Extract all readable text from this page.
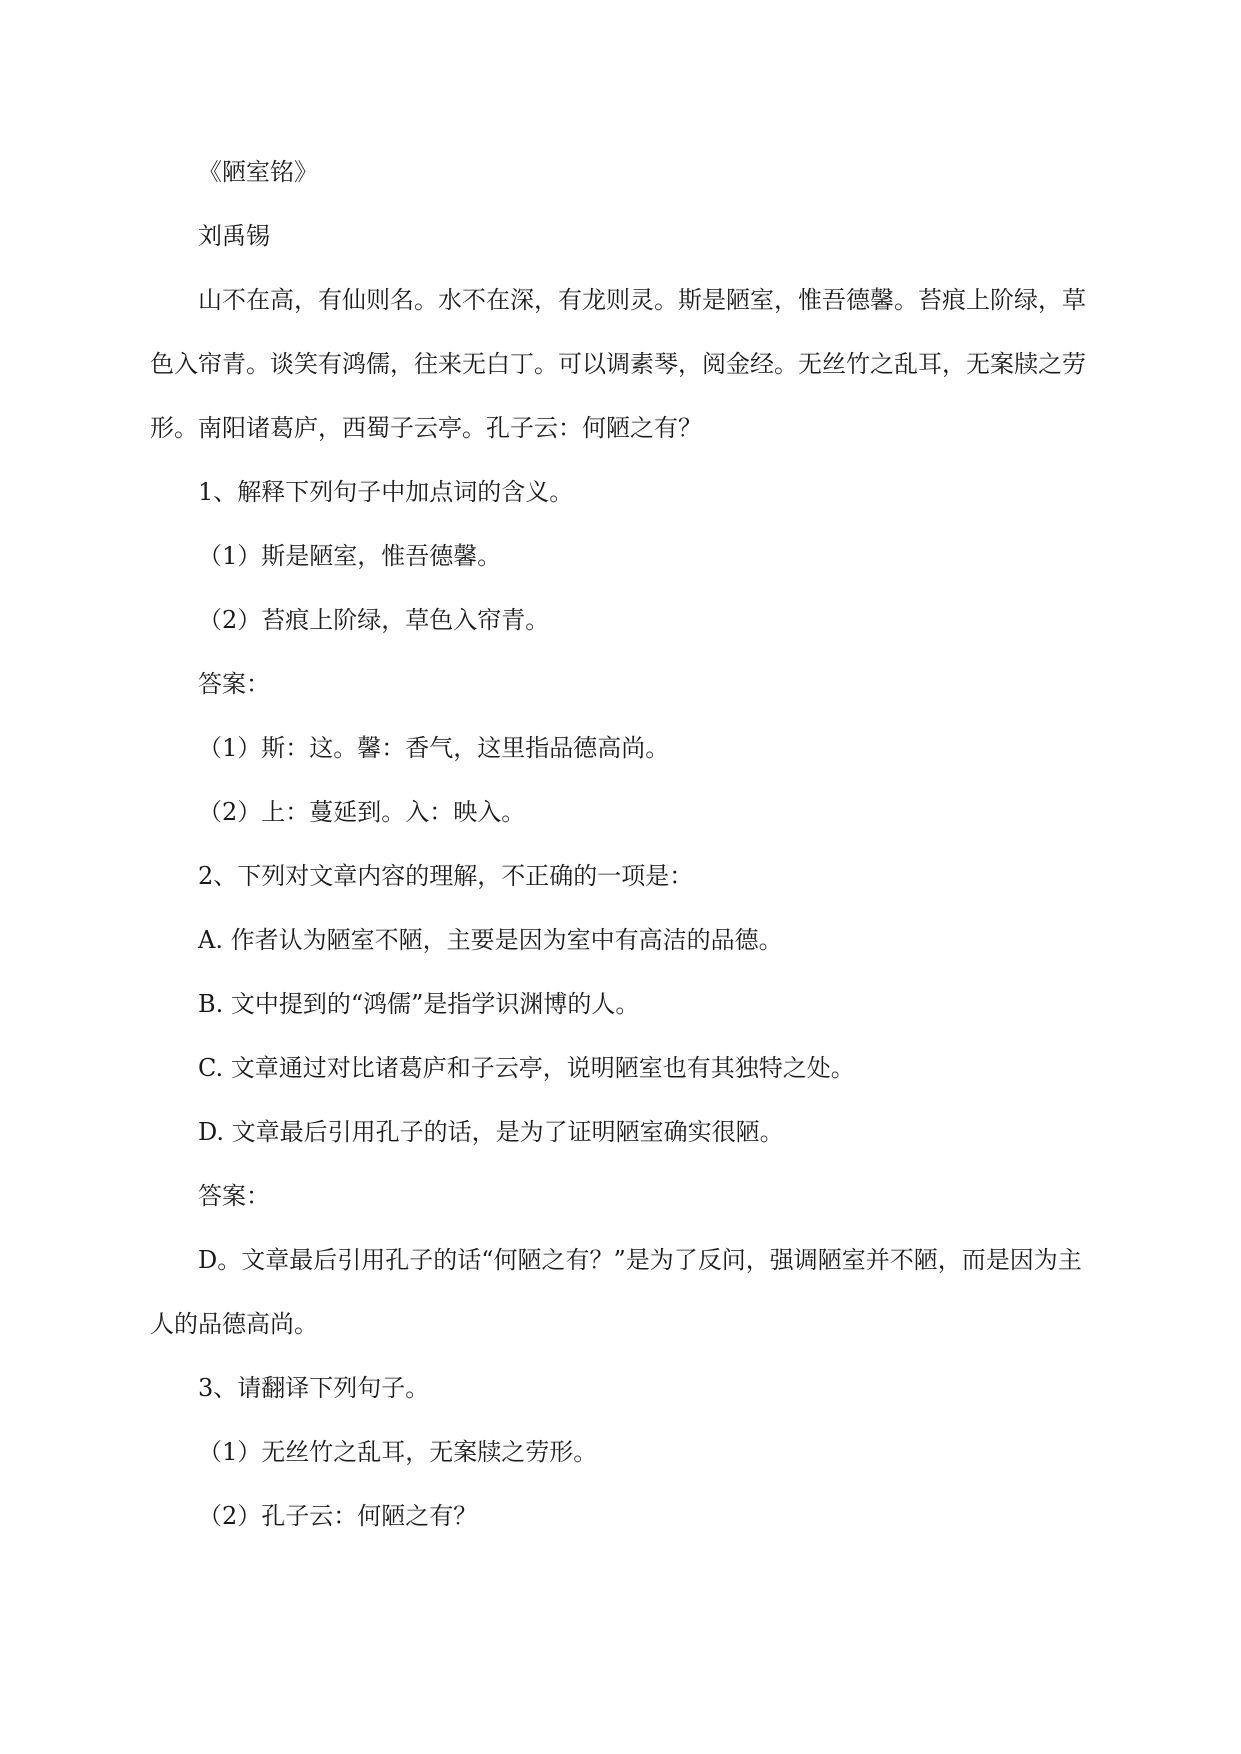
《陋室铭》

刘禹锡

山不在高，有仙则名。水不在深，有龙则灵。斯是陋室，惟吾德馨。苔痕上阶绿，草色入帘青。谈笑有鸿儒，往来无白丁。可以调素琴，阅金经。无丝竹之乱耳，无案牍之劳形。南阳诸葛庐，西蜀子云亭。孔子云：何陋之有？

1、解释下列句子中加点词的含义。

（1）斯是陋室，惟吾德馨。

（2）苔痕上阶绿，草色入帘青。

答案：

（1）斯：这。馨：香气，这里指品德高尚。

（2）上：蔓延到。入：映入。

2、下列对文章内容的理解，不正确的一项是：

A. 作者认为陋室不陋，主要是因为室中有高洁的品德。

B. 文中提到的“鸿儒”是指学识渊博的人。

C. 文章通过对比诸葛庐和子云亭，说明陋室也有其独特之处。

D. 文章最后引用孔子的话，是为了证明陋室确实很陋。

答案：

D。文章最后引用孔子的话“何陋之有？”是为了反问，强调陋室并不陋，而是因为主人的品德高尚。

3、请翻译下列句子。

（1）无丝竹之乱耳，无案牍之劳形。

（2）孔子云：何陋之有？
